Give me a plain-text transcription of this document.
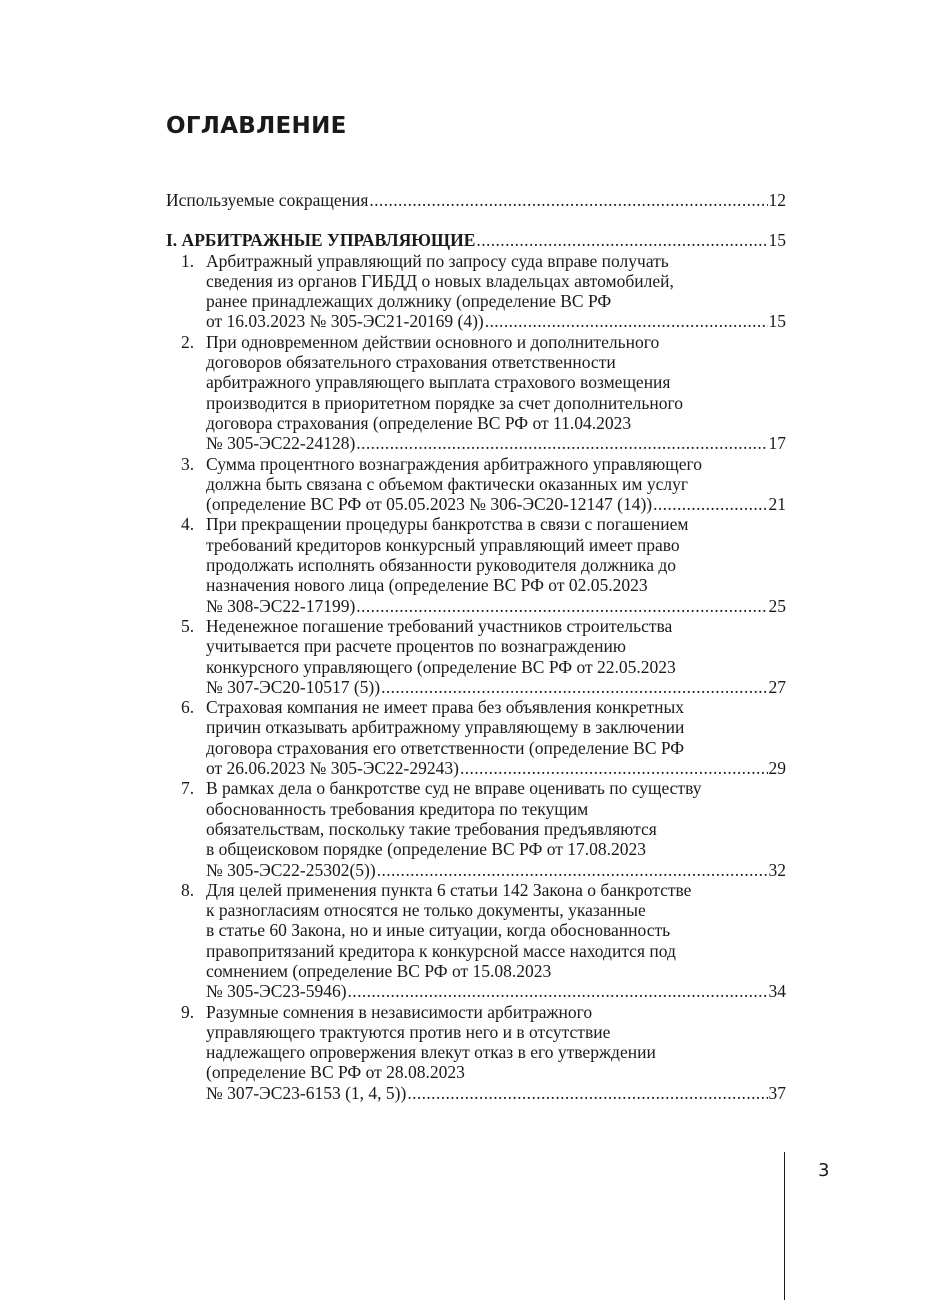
ОГЛАВЛЕНИЕ
Используемые сокращения .....	12
I. АРБИТРАЖНЫЕ УПРАВЛЯЮЩИЕ .....	15
1. Арбитражный управляющий по запросу суда вправе получать
сведения из органов ГИБДД о новых владельцах автомобилей,
ранее принадлежащих должнику (определение ВС РФ
от 16.03.2023 № 305-ЭС21-20169 (4)) .....	15
2. При одновременном действии основного и дополнительного
договоров обязательного страхования ответственности
арбитражного управляющего выплата страхового возмещения
производится в приоритетном порядке за счет дополнительного
договора страхования (определение ВС РФ от 11.04.2023
№ 305-ЭС22-24128) .....	17
3. Сумма процентного вознаграждения арбитражного управляющего
должна быть связана с объемом фактически оказанных им услуг
(определение ВС РФ от 05.05.2023 № 306-ЭС20-12147 (14)) .....	21
4. При прекращении процедуры банкротства в связи с погашением
требований кредиторов конкурсный управляющий имеет право
продолжать исполнять обязанности руководителя должника до
назначения нового лица (определение ВС РФ от 02.05.2023
№ 308-ЭС22-17199) .....	25
5. Неденежное погашение требований участников строительства
учитывается при расчете процентов по вознаграждению
конкурсного управляющего (определение ВС РФ от 22.05.2023
№ 307-ЭС20-10517 (5)) .....	27
6. Страховая компания не имеет права без объявления конкретных
причин отказывать арбитражному управляющему в заключении
договора страхования его ответственности (определение ВС РФ
от 26.06.2023 № 305-ЭС22-29243) .....	29
7. В рамках дела о банкротстве суд не вправе оценивать по существу
обоснованность требования кредитора по текущим
обязательствам, поскольку такие требования предъявляются
в общеисковом порядке (определение ВС РФ от 17.08.2023
№ 305-ЭС22-25302(5)) .....	32
8. Для целей применения пункта 6 статьи 142 Закона о банкротстве
к разногласиям относятся не только документы, указанные
в статье 60 Закона, но и иные ситуации, когда обоснованность
правопритязаний кредитора к конкурсной массе находится под
сомнением (определение ВС РФ от 15.08.2023
№ 305-ЭС23-5946) .....	34
9. Разумные сомнения в независимости арбитражного
управляющего трактуются против него и в отсутствие
надлежащего опровержения влекут отказ в его утверждении
(определение ВС РФ от 28.08.2023
№ 307-ЭС23-6153 (1, 4, 5)) .....	37
3
